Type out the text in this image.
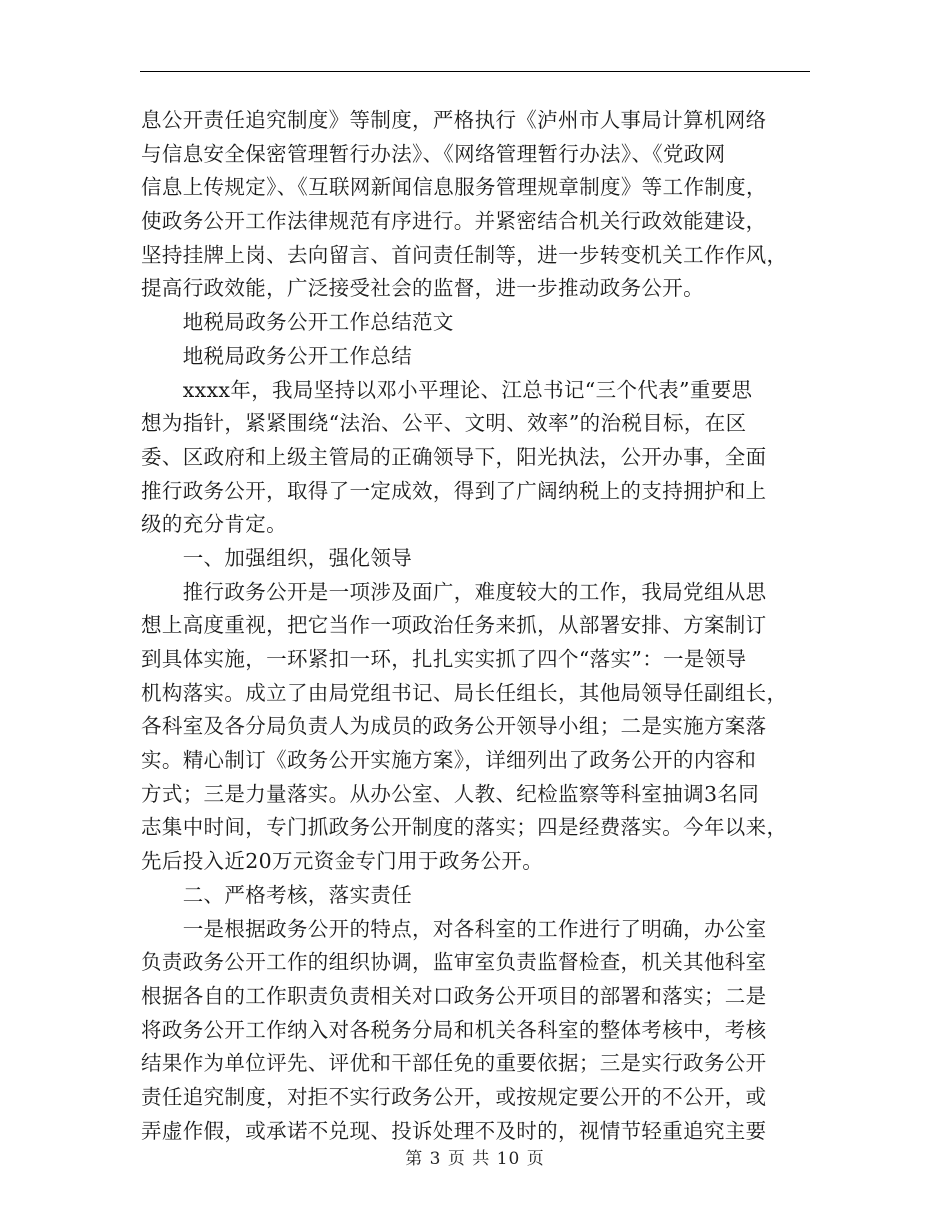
息公开责任追究制度》等制度，严格执行《泸州市人事局计算机网络
与信息安全保密管理暂行办法》、《网络管理暂行办法》、《党政网
信息上传规定》、《互联网新闻信息服务管理规章制度》等工作制度，
使政务公开工作法律规范有序进行。并紧密结合机关行政效能建设，
坚持挂牌上岗、去向留言、首问责任制等，进一步转变机关工作作风，
提高行政效能，广泛接受社会的监督，进一步推动政务公开。
　　地税局政务公开工作总结范文
　　地税局政务公开工作总结
　　xxxx年，我局坚持以邓小平理论、江总书记“三个代表”重要思
想为指针，紧紧围绕“法治、公平、文明、效率”的治税目标，在区
委、区政府和上级主管局的正确领导下，阳光执法，公开办事，全面
推行政务公开，取得了一定成效，得到了广阔纳税上的支持拥护和上
级的充分肯定。
　　一、加强组织，强化领导
　　推行政务公开是一项涉及面广，难度较大的工作，我局党组从思
想上高度重视，把它当作一项政治任务来抓，从部署安排、方案制订
到具体实施，一环紧扣一环，扎扎实实抓了四个“落实”：一是领导
机构落实。成立了由局党组书记、局长任组长，其他局领导任副组长，
各科室及各分局负责人为成员的政务公开领导小组；二是实施方案落
实。精心制订《政务公开实施方案》，详细列出了政务公开的内容和
方式；三是力量落实。从办公室、人教、纪检监察等科室抽调3名同
志集中时间，专门抓政务公开制度的落实；四是经费落实。今年以来，
先后投入近20万元资金专门用于政务公开。
　　二、严格考核，落实责任
　　一是根据政务公开的特点，对各科室的工作进行了明确，办公室
负责政务公开工作的组织协调，监审室负责监督检查，机关其他科室
根据各自的工作职责负责相关对口政务公开项目的部署和落实；二是
将政务公开工作纳入对各税务分局和机关各科室的整体考核中，考核
结果作为单位评先、评优和干部任免的重要依据；三是实行政务公开
责任追究制度，对拒不实行政务公开，或按规定要公开的不公开，或
弄虚作假，或承诺不兑现、投诉处理不及时的，视情节轻重追究主要
第 3 页 共 10 页
